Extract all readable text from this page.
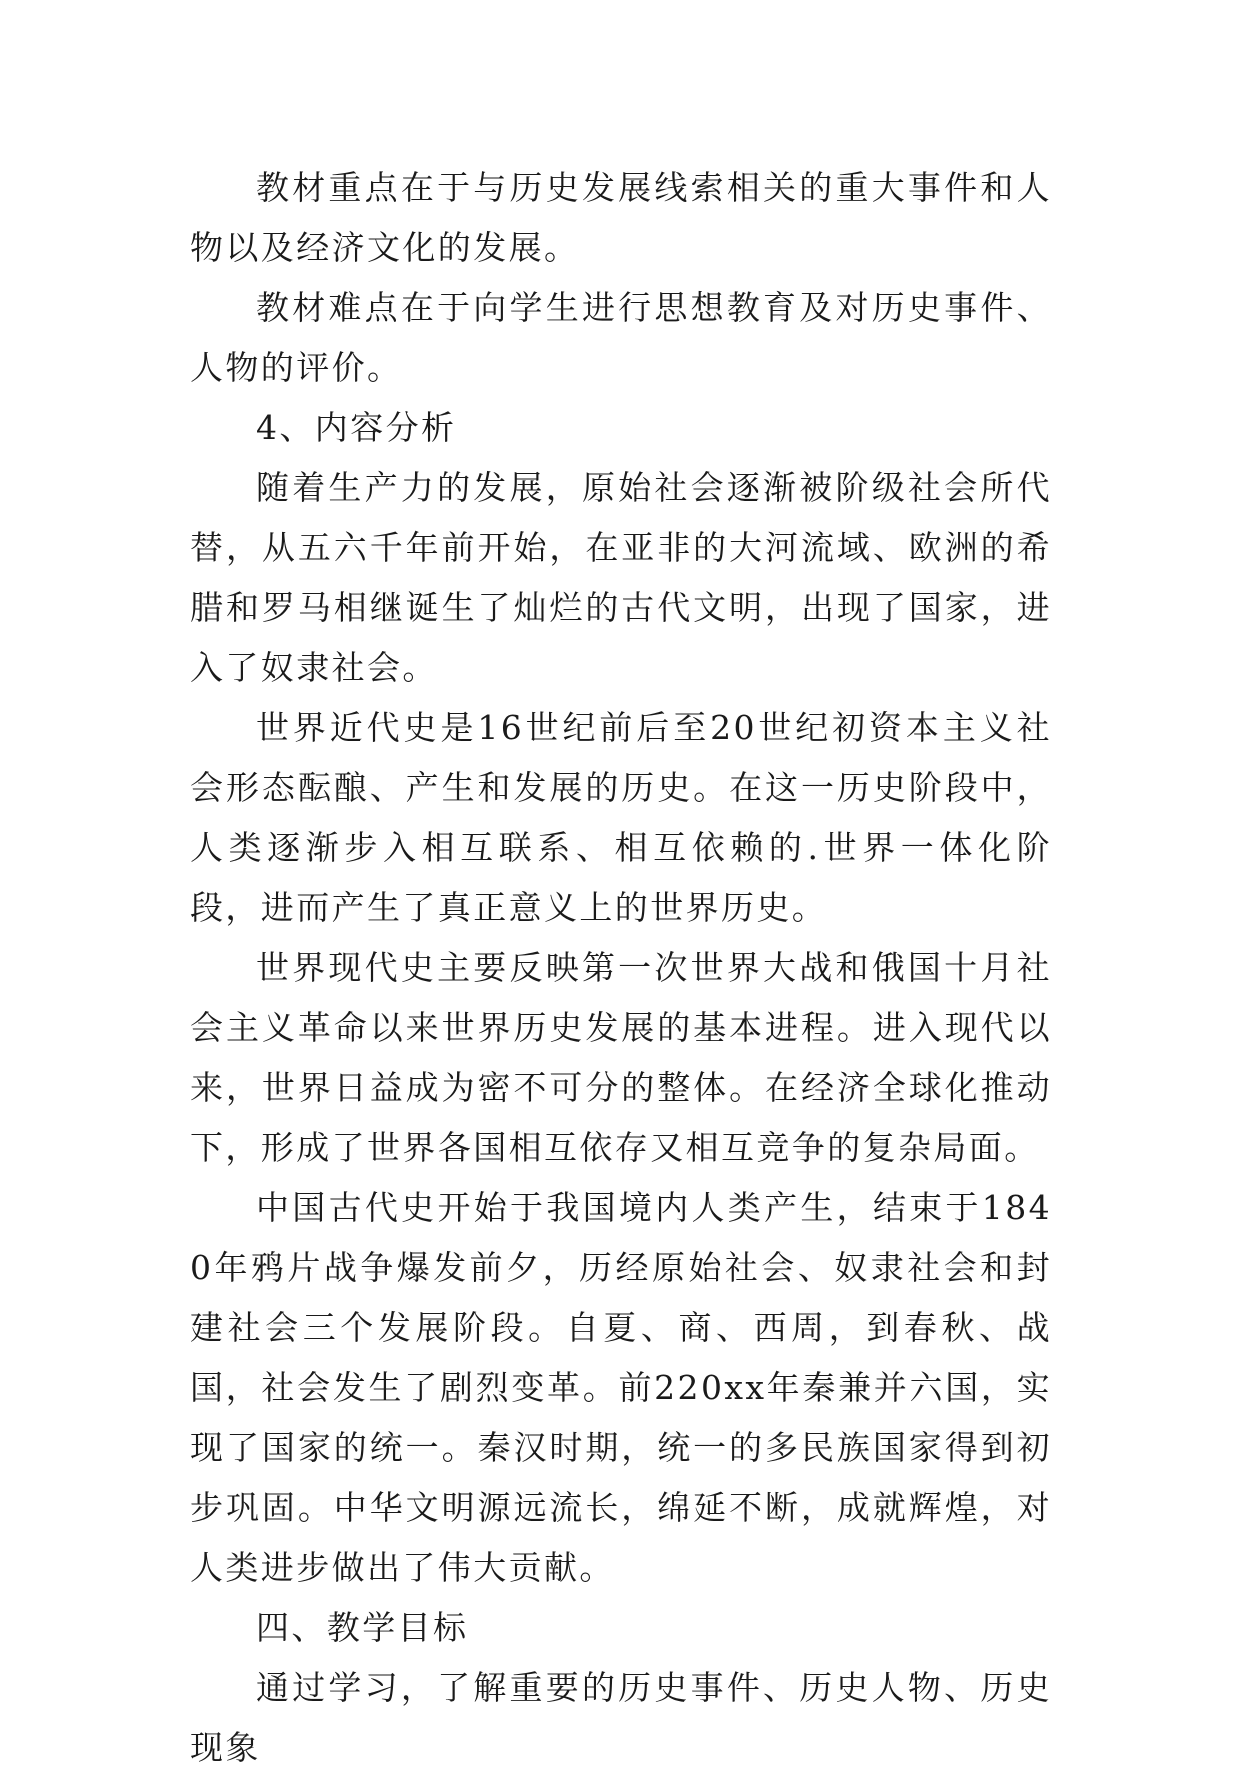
教材重点在于与历史发展线索相关的重大事件和人物以及经济文化的发展。

教材难点在于向学生进行思想教育及对历史事件、人物的评价。

4、内容分析

随着生产力的发展，原始社会逐渐被阶级社会所代替，从五六千年前开始，在亚非的大河流域、欧洲的希腊和罗马相继诞生了灿烂的古代文明，出现了国家，进入了奴隶社会。

世界近代史是16世纪前后至20世纪初资本主义社会形态酝酿、产生和发展的历史。在这一历史阶段中，人类逐渐步入相互联系、相互依赖的.世界一体化阶段，进而产生了真正意义上的世界历史。

世界现代史主要反映第一次世界大战和俄国十月社会主义革命以来世界历史发展的基本进程。进入现代以来，世界日益成为密不可分的整体。在经济全球化推动下，形成了世界各国相互依存又相互竞争的复杂局面。

中国古代史开始于我国境内人类产生，结束于1840年鸦片战争爆发前夕，历经原始社会、奴隶社会和封建社会三个发展阶段。自夏、商、西周，到春秋、战国，社会发生了剧烈变革。前220xx年秦兼并六国，实现了国家的统一。秦汉时期，统一的多民族国家得到初步巩固。中华文明源远流长，绵延不断，成就辉煌，对人类进步做出了伟大贡献。

四、教学目标

通过学习，了解重要的历史事件、历史人物、历史现象
